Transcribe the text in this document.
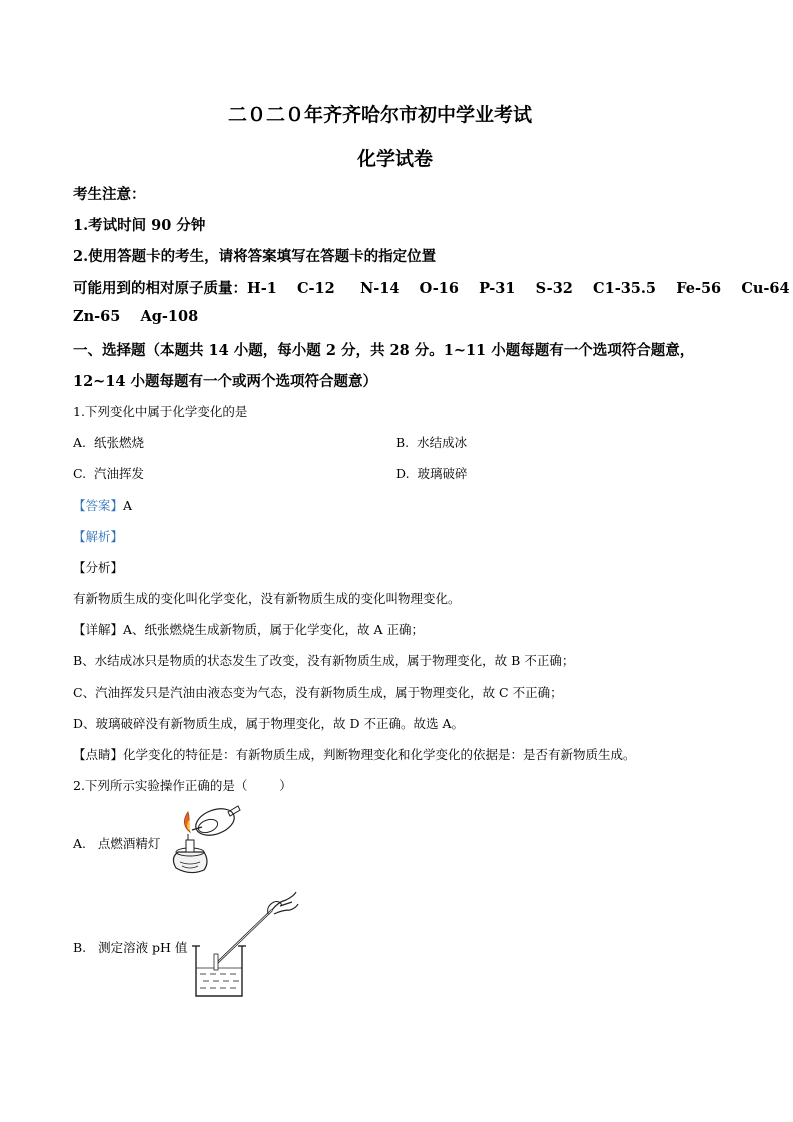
二０二０年齐齐哈尔市初中学业考试
化学试卷
考生注意：
1.考试时间 90 分钟
2.使用答题卡的考生，请将答案填写在答题卡的指定位置
可能用到的相对原子质量：H-1    C-12     N-14    O-16    P-31    S-32    C1-35.5    Fe-56    Cu-64
Zn-65    Ag-108
一、选择题（本题共 14 小题，每小题 2 分，共 28 分。1~11 小题每题有一个选项符合题意，
12~14 小题每题有一个或两个选项符合题意）
1.下列变化中属于化学变化的是
A.  纸张燃烧	B.  水结成冰
C.  汽油挥发	D.  玻璃破碎
【答案】A
【解析】
【分析】
有新物质生成的变化叫化学变化，没有新物质生成的变化叫物理变化。
【详解】A、纸张燃烧生成新物质，属于化学变化，故 A 正确；
B、水结成冰只是物质的状态发生了改变，没有新物质生成，属于物理变化，故 B 不正确；
C、汽油挥发只是汽油由液态变为气态，没有新物质生成，属于物理变化，故 C 不正确；
D、玻璃破碎没有新物质生成，属于物理变化，故 D 不正确。故选 A。
【点睛】化学变化的特征是：有新物质生成，判断物理变化和化学变化的依据是：是否有新物质生成。
2.下列所示实验操作正确的是（        ）
A.   点燃酒精灯
B.   测定溶液 pH 值
